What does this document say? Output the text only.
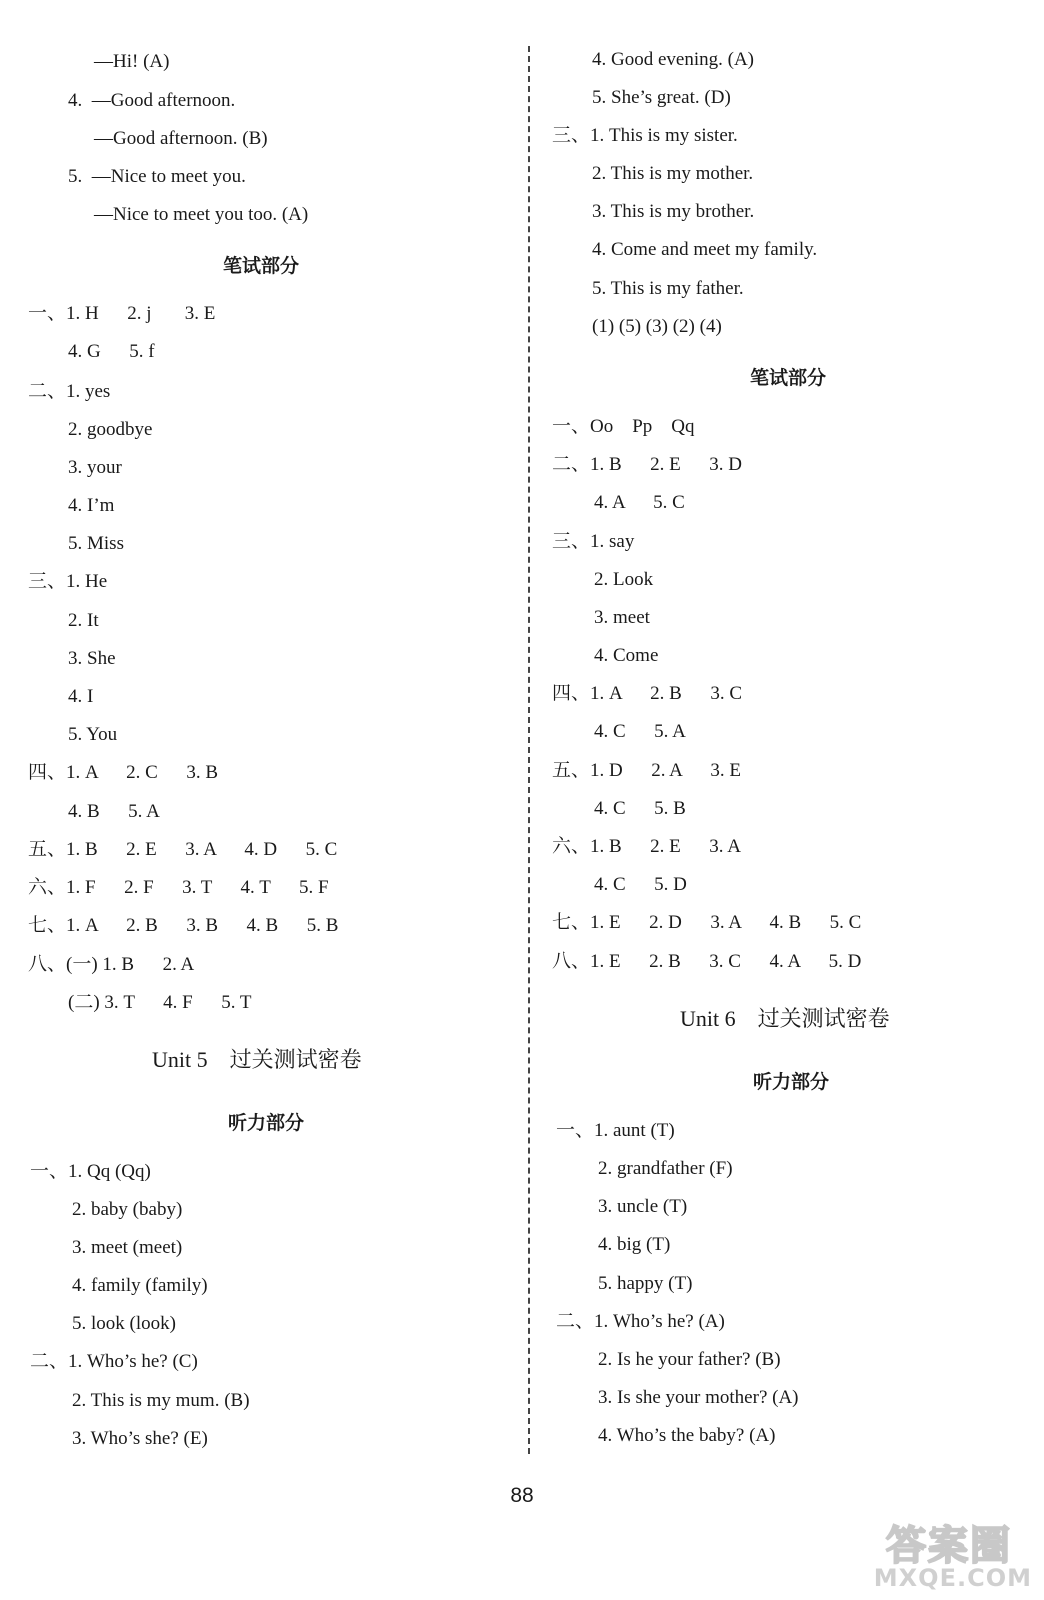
—Hi! (A)
4.  —Good afternoon.
—Good afternoon. (B)
5.  —Nice to meet you.
—Nice to meet you too. (A)
笔试部分
一、1. H      2. j       3. E
4. G      5. f
二、1. yes
2. goodbye
3. your
4. I’m
5. Miss
三、1. He
2. It
3. She
4. I
5. You
四、1. A      2. C      3. B
4. B      5. A
五、1. B      2. E      3. A      4. D      5. C
六、1. F      2. F      3. T      4. T      5. F
七、1. A      2. B      3. B      4. B      5. B
八、(一) 1. B      2. A
(二) 3. T      4. F      5. T
Unit 5    过关测试密卷
听力部分
一、1. Qq (Qq)
2. baby (baby)
3. meet (meet)
4. family (family)
5. look (look)
二、1. Who’s he? (C)
2. This is my mum. (B)
3. Who’s she? (E)
4. Good evening. (A)
5. She’s great. (D)
三、1. This is my sister.
2. This is my mother.
3. This is my brother.
4. Come and meet my family.
5. This is my father.
(1) (5) (3) (2) (4)
笔试部分
一、Oo    Pp    Qq
二、1. B      2. E      3. D
4. A      5. C
三、1. say
2. Look
3. meet
4. Come
四、1. A      2. B      3. C
4. C      5. A
五、1. D      2. A      3. E
4. C      5. B
六、1. B      2. E      3. A
4. C      5. D
七、1. E      2. D      3. A      4. B      5. C
八、1. E      2. B      3. C      4. A      5. D
Unit 6    过关测试密卷
听力部分
一、1. aunt (T)
2. grandfather (F)
3. uncle (T)
4. big (T)
5. happy (T)
二、1. Who’s he? (A)
2. Is he your father? (B)
3. Is she your mother? (A)
4. Who’s the baby? (A)
88
答案圈
MXQE.COM
